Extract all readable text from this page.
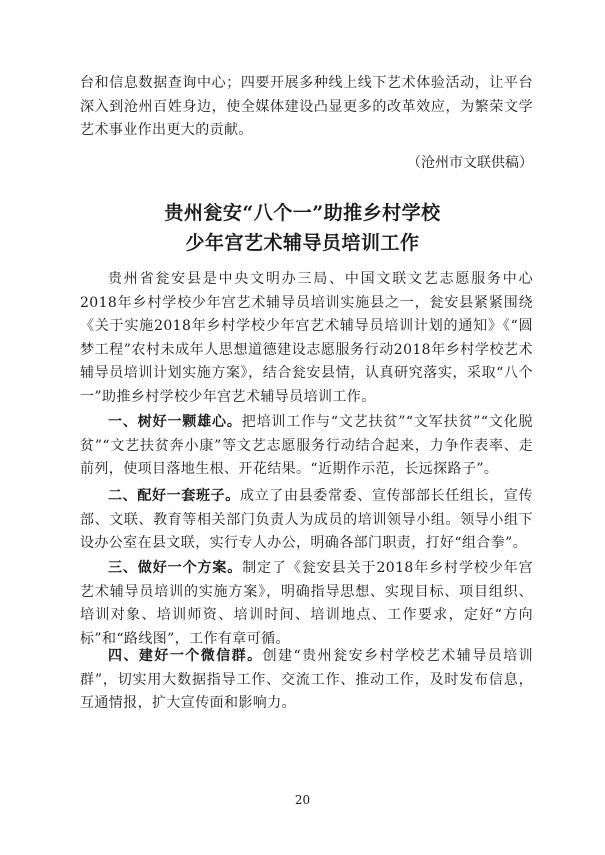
台和信息数据查询中心；四要开展多种线上线下艺术体验活动，让平台深入到沧州百姓身边，使全媒体建设凸显更多的改革效应，为繁荣文学艺术事业作出更大的贡献。

（沧州市文联供稿）
贵州瓮安“八个一”助推乡村学校
少年宫艺术辅导员培训工作

贵州省瓮安县是中央文明办三局、中国文联文艺志愿服务中心2018年乡村学校少年宫艺术辅导员培训实施县之一，瓮安县紧紧围绕《关于实施2018年乡村学校少年宫艺术辅导员培训计划的通知》《“圆梦工程”农村未成年人思想道德建设志愿服务行动2018年乡村学校艺术辅导员培训计划实施方案》，结合瓮安县情，认真研究落实，采取“八个一”助推乡村学校少年宫艺术辅导员培训工作。

一、树好一颗雄心。把培训工作与“文艺扶贫”“文军扶贫”“文化脱贫”“文艺扶贫奔小康”等文艺志愿服务行动结合起来，力争作表率、走前列，使项目落地生根、开花结果。“近期作示范，长远探路子”。

二、配好一套班子。成立了由县委常委、宣传部部长任组长，宣传部、文联、教育等相关部门负责人为成员的培训领导小组。领导小组下设办公室在县文联，实行专人办公，明确各部门职责，打好“组合拳”。

三、做好一个方案。制定了《瓮安县关于2018年乡村学校少年宫艺术辅导员培训的实施方案》，明确指导思想、实现目标、项目组织、培训对象、培训师资、培训时间、培训地点、工作要求，定好“方向标”和“路线图”，工作有章可循。

四、建好一个微信群。创建“贵州瓮安乡村学校艺术辅导员培训群”，切实用大数据指导工作、交流工作、推动工作，及时发布信息，互通情报，扩大宣传面和影响力。

20
